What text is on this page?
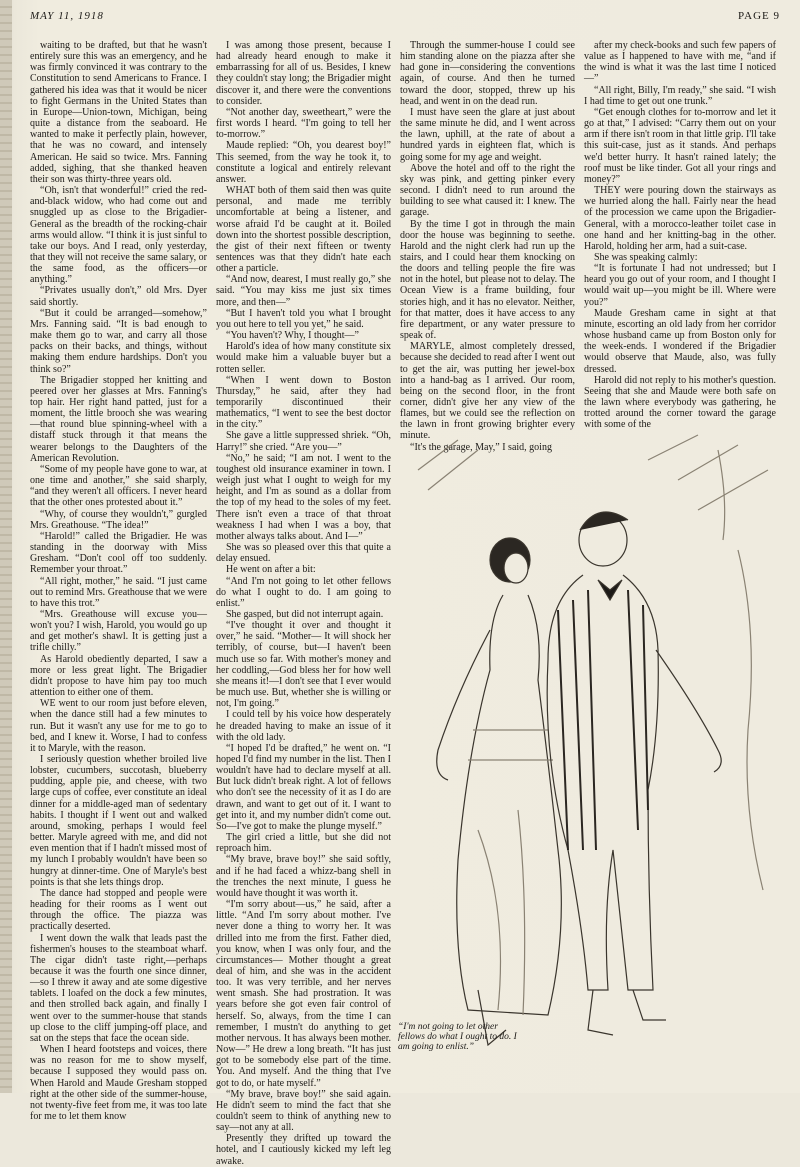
MAY 11, 1918	PAGE 9

waiting to be drafted, but that he wasn't entirely sure this was an emergency, and he was firmly convinced it was contrary to the Constitution to send Americans to France. I gathered his idea was that it would be nicer to fight Germans in the United States than in Europe—Union-town, Michigan, being quite a distance from the seaboard. He wanted to make it perfectly plain, however, that he was no coward, and intensely American. He said so twice. Mrs. Fanning added, sighing, that she thanked heaven their son was thirty-three years old.

“Oh, isn't that wonderful!” cried the red-and-black widow, who had come out and snuggled up as close to the Brigadier-General as the breadth of the rocking-chair arms would allow. “I think it is just sinful to take our boys. And I read, only yesterday, that they will not receive the same salary, or the same food, as the officers—or anything.”

“Privates usually don't,” old Mrs. Dyer said shortly.

“But it could be arranged—somehow,” Mrs. Fanning said. “It is bad enough to make them go to war, and carry all those packs on their backs, and things, without making them endure hardships. Don't you think so?”

The Brigadier stopped her knitting and peered over her glasses at Mrs. Fanning's top hair. Her right hand patted, just for a moment, the little brooch she was wearing—that round blue spinning-wheel with a distaff stuck through it that means the wearer belongs to the Daughters of the American Revolution.

“Some of my people have gone to war, at one time and another,” she said sharply, “and they weren't all officers. I never heard that the other ones protested about it.”

“Why, of course they wouldn't,” gurgled Mrs. Greathouse. “The idea!”

“Harold!” called the Brigadier. He was standing in the doorway with Miss Gresham. “Don't cool off too suddenly. Remember your throat.”

“All right, mother,” he said. “I just came out to remind Mrs. Greathouse that we were to have this trot.”

“Mrs. Greathouse will excuse you—won't you? I wish, Harold, you would go up and get mother's shawl. It is getting just a trifle chilly.”

As Harold obediently departed, I saw a more or less great light. The Brigadier didn't propose to have him pay too much attention to either one of them.

WE went to our room just before eleven, when the dance still had a few minutes to run. But it wasn't any use for me to go to bed, and I knew it. Worse, I had to confess it to Maryle, with the reason.

I seriously question whether broiled live lobster, cucumbers, succotash, blueberry pudding, apple pie, and cheese, with two large cups of coffee, ever constitute an ideal dinner for a middle-aged man of sedentary habits. I thought if I went out and walked around, smoking, perhaps I would feel better. Maryle agreed with me, and did not even mention that if I hadn't missed most of my lunch I probably wouldn't have been so hungry at dinner-time. One of Maryle's best points is that she lets things drop.

The dance had stopped and people were heading for their rooms as I went out through the office. The piazza was practically deserted.

I went down the walk that leads past the fishermen's houses to the steamboat wharf. The cigar didn't taste right,—perhaps because it was the fourth one since dinner,—so I threw it away and ate some digestive tablets. I loafed on the dock a few minutes, and then strolled back again, and finally I went over to the summer-house that stands up close to the cliff jumping-off place, and sat on the steps that face the ocean side.

When I heard footsteps and voices, there was no reason for me to show myself, because I supposed they would pass on. When Harold and Maude Gresham stopped right at the other side of the summer-house, not twenty-five feet from me, it was too late for me to let them know

I was among those present, because I had already heard enough to make it embarrassing for all of us. Besides, I knew they couldn't stay long; the Brigadier might discover it, and there were the conventions to consider.

“Not another day, sweetheart,” were the first words I heard. “I'm going to tell her to-morrow.”

Maude replied: “Oh, you dearest boy!” This seemed, from the way he took it, to constitute a logical and entirely relevant answer.

WHAT both of them said then was quite personal, and made me terribly uncomfortable at being a listener, and worse afraid I'd be caught at it. Boiled down into the shortest possible description, the gist of their next fifteen or twenty sentences was that they didn't hate each other a particle.

“And now, dearest, I must really go,” she said. “You may kiss me just six times more, and then—”

“But I haven't told you what I brought you out here to tell you yet,” he said.

“You haven't? Why, I thought—”

Harold's idea of how many constitute six would make him a valuable buyer but a rotten seller.

“When I went down to Boston Thursday,” he said, after they had temporarily discontinued their mathematics, “I went to see the best doctor in the city.”

She gave a little suppressed shriek. “Oh, Harry!” she cried. “Are you—”

“No,” he said; “I am not. I went to the toughest old insurance examiner in town. I weigh just what I ought to weigh for my height, and I'm as sound as a dollar from the top of my head to the soles of my feet. There isn't even a trace of that throat weakness I had when I was a boy, that mother always talks about. And I—”

She was so pleased over this that quite a delay ensued.

He went on after a bit:

“And I'm not going to let other fellows do what I ought to do. I am going to enlist.”

She gasped, but did not interrupt again.

“I've thought it over and thought it over,” he said. “Mother— It will shock her terribly, of course, but—I haven't been much use so far. With mother's money and her coddling,—God bless her for how well she means it!—I don't see that I ever would be much use. But, whether she is willing or not, I'm going.”

I could tell by his voice how desperately he dreaded having to make an issue of it with the old lady.

“I hoped I'd be drafted,” he went on. “I hoped I'd find my number in the list. Then I wouldn't have had to declare myself at all. But luck didn't break right. A lot of fellows who don't see the necessity of it as I do are drawn, and want to get out of it. I want to get into it, and my number didn't come out. So—I've got to make the plunge myself.”

The girl cried a little, but she did not reproach him.

“My brave, brave boy!” she said softly, and if he had faced a whizz-bang shell in the trenches the next minute, I guess he would have thought it was worth it.

“I'm sorry about—us,” he said, after a little. “And I'm sorry about mother. I've never done a thing to worry her. It was drilled into me from the first. Father died, you know, when I was only four, and the circumstances— Mother thought a great deal of him, and she was in the accident too. It was very terrible, and her nerves went smash. She had prostration. It was years before she got even fair control of herself. So, always, from the time I can remember, I mustn't do anything to get mother nervous. It has always been mother. Now—” He drew a long breath. “It has just got to be somebody else part of the time. You. And myself. And the thing that I've got to do, or hate myself.”

“My brave, brave boy!” she said again. He didn't seem to mind the fact that she couldn't seem to think of anything new to say—not any at all.

Presently they drifted up toward the hotel, and I cautiously kicked my left leg awake.

Through the summer-house I could see him standing alone on the piazza after she had gone in—considering the conventions again, of course. And then he turned toward the door, stopped, threw up his head, and went in on the dead run.

I must have seen the glare at just about the same minute he did, and I went across the lawn, uphill, at the rate of about a hundred yards in eighteen flat, which is going some for my age and weight.

Above the hotel and off to the right the sky was pink, and getting pinker every second. I didn't need to run around the building to see what caused it: I knew. The garage.

By the time I got in through the main door the house was beginning to seethe. Harold and the night clerk had run up the stairs, and I could hear them knocking on the doors and telling people the fire was not in the hotel, but please not to delay. The Ocean View is a frame building, four stories high, and it has no elevator. Neither, for that matter, does it have access to any fire department, or any water pressure to speak of.

MARYLE, almost completely dressed, because she decided to read after I went out to get the air, was putting her jewel-box into a hand-bag as I arrived. Our room, being on the second floor, in the front corner, didn't give her any view of the flames, but we could see the reflection on the lawn in front growing brighter every minute.

“It's the garage, May,” I said, going

after my check-books and such few papers of value as I happened to have with me, “and if the wind is what it was the last time I noticed—”

“All right, Billy, I'm ready,” she said. “I wish I had time to get out one trunk.”

“Get enough clothes for to-morrow and let it go at that,” I advised: “Carry them out on your arm if there isn't room in that little grip. I'll take this suit-case, just as it stands. And perhaps we'd better hurry. It hasn't rained lately; the roof must be like tinder. Got all your rings and money?”

THEY were pouring down the stairways as we hurried along the hall. Fairly near the head of the procession we came upon the Brigadier-General, with a morocco-leather toilet case in one hand and her knitting-bag in the other. Harold, holding her arm, had a suit-case.

She was speaking calmly:

“It is fortunate I had not undressed; but I heard you go out of your room, and I thought I would wait up—you might be ill. Where were you?”

Maude Gresham came in sight at that minute, escorting an old lady from her corridor whose husband came up from Boston only for the week-ends. I wondered if the Brigadier would observe that Maude, also, was fully dressed.

Harold did not reply to his mother's question. Seeing that she and Maude were both safe on the lawn where everybody was gathering, he trotted around the corner toward the garage with some of the

“I'm not going to let other fellows do what I ought to do. I am going to enlist.”
